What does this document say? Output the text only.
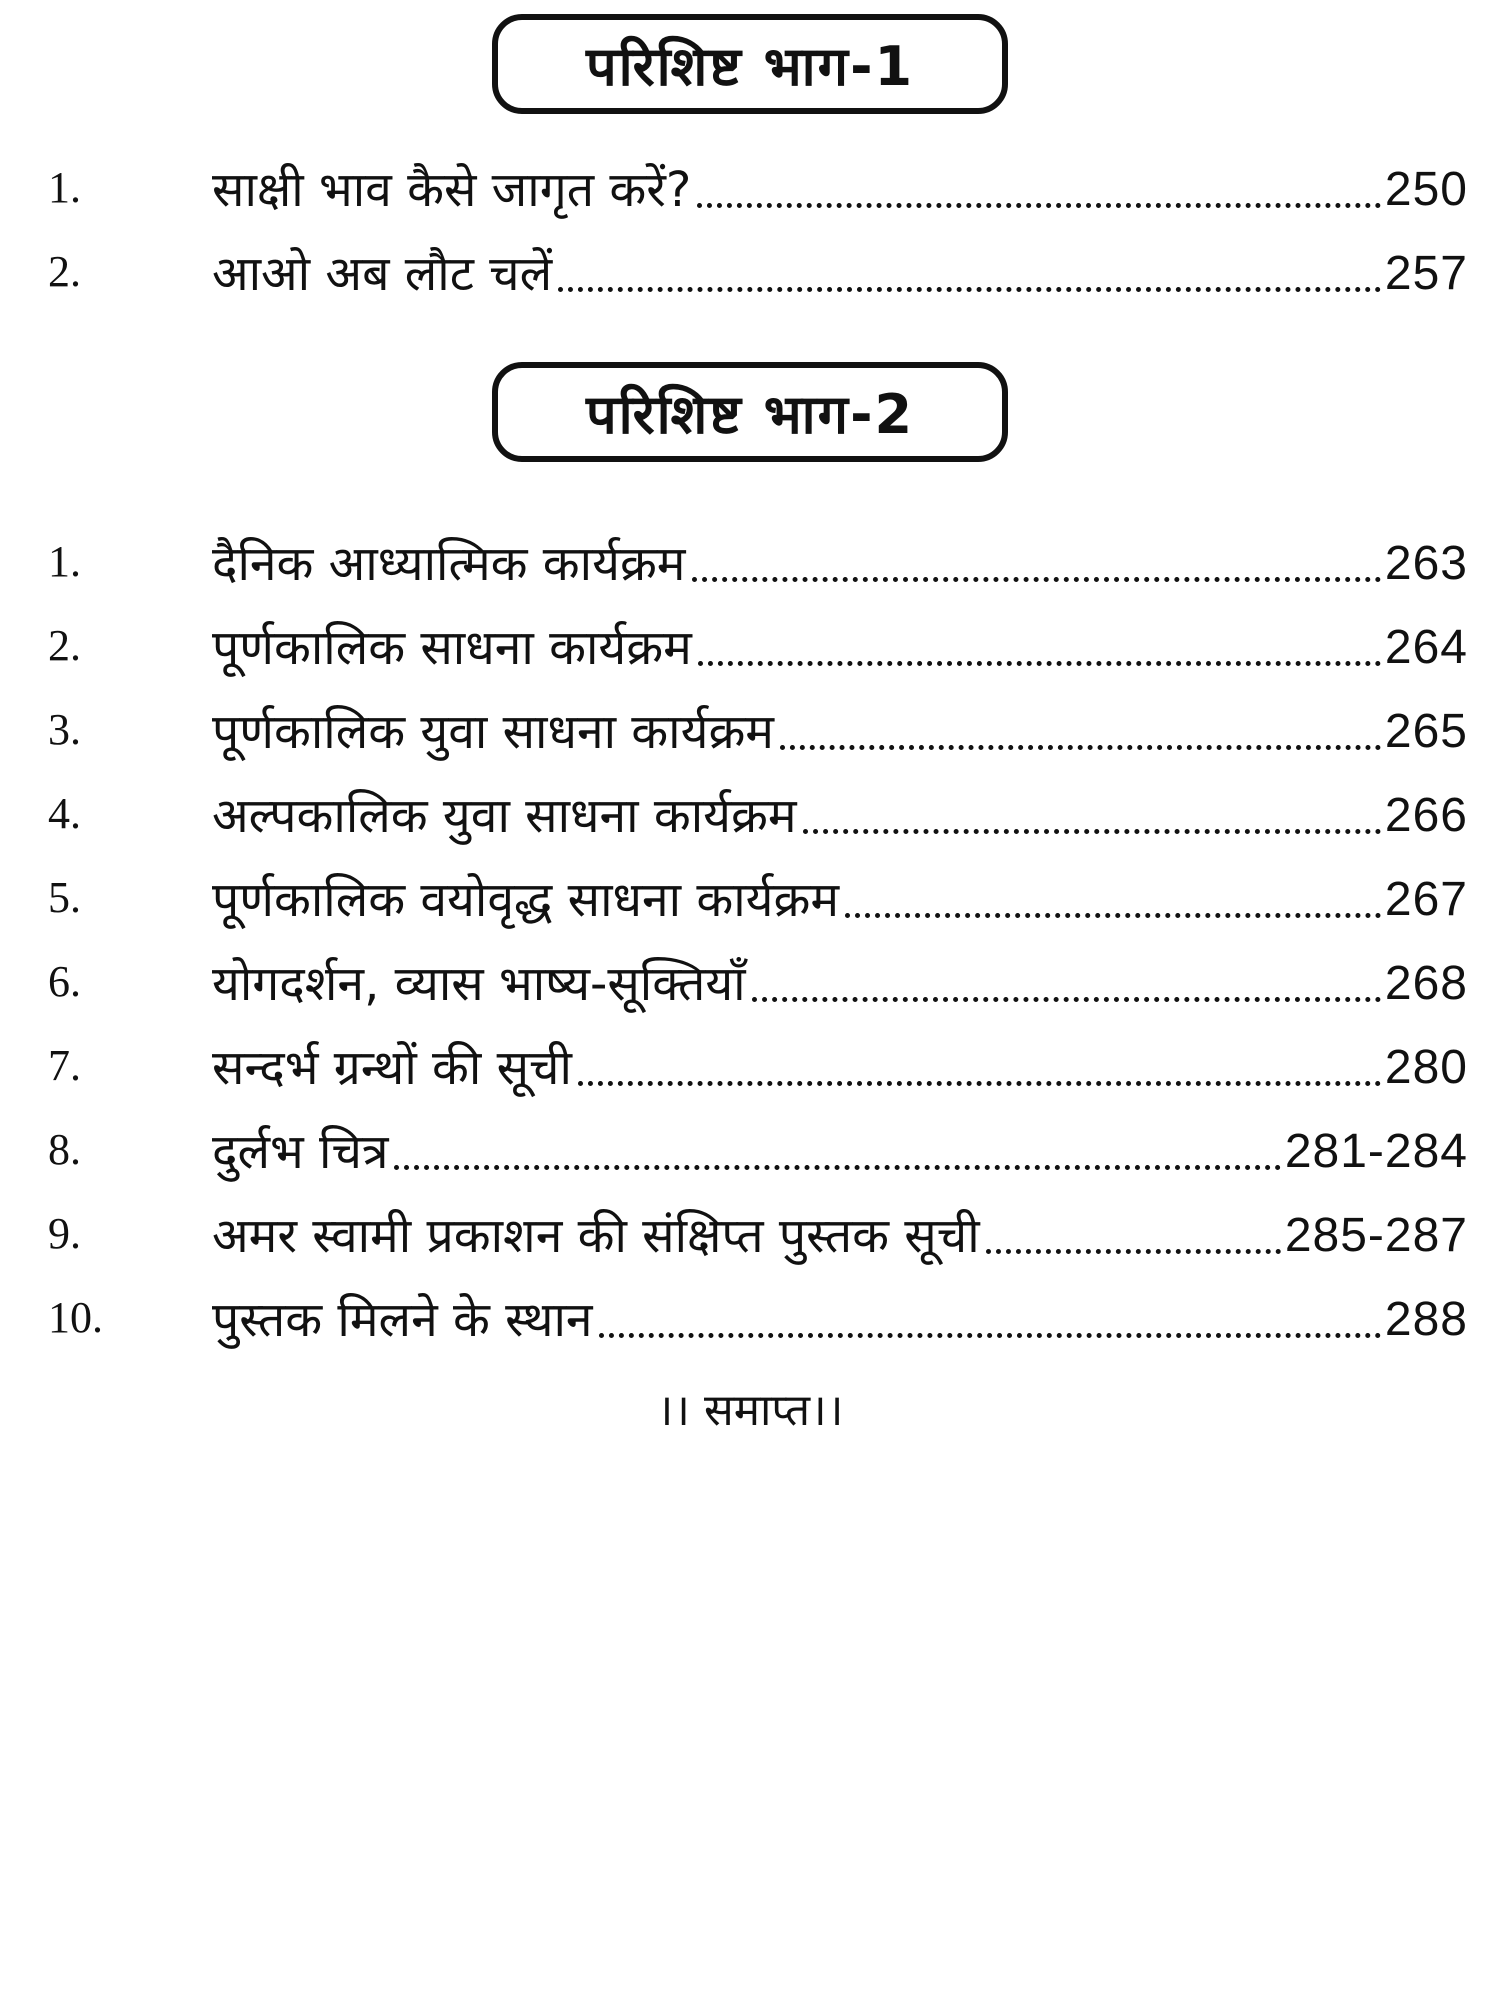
परिशिष्ट भाग-1
1.	साक्षी भाव कैसे जागृत करें?	250
2.	आओ अब लौट चलें	257
परिशिष्ट भाग-2
1.	दैनिक आध्यात्मिक कार्यक्रम	263
2.	पूर्णकालिक साधना कार्यक्रम	264
3.	पूर्णकालिक युवा साधना कार्यक्रम	265
4.	अल्पकालिक युवा साधना कार्यक्रम	266
5.	पूर्णकालिक वयोवृद्ध साधना कार्यक्रम	267
6.	योगदर्शन, व्यास भाष्य-सूक्तियाँ	268
7.	सन्दर्भ ग्रन्थों की सूची	280
8.	दुर्लभ चित्र	281-284
9.	अमर स्वामी प्रकाशन की संक्षिप्त पुस्तक सूची	285-287
10.	पुस्तक मिलने के स्थान	288
।। समाप्त।।
